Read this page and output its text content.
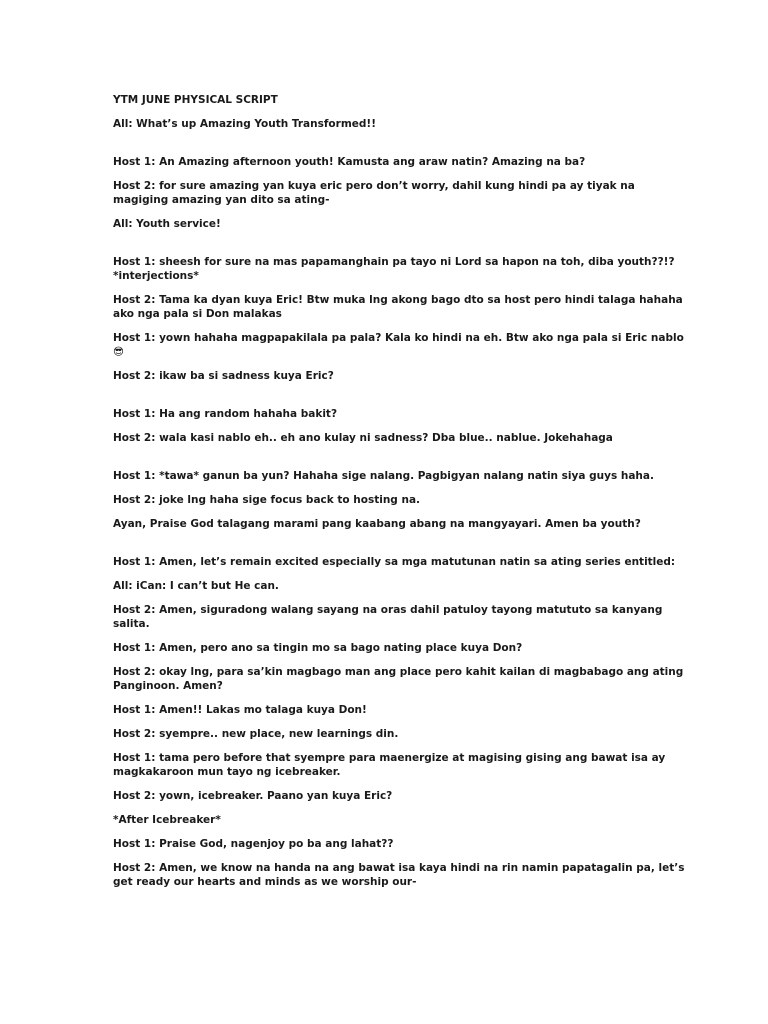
YTM JUNE PHYSICAL SCRIPT
All: What’s up Amazing Youth Transformed!!
Host 1: An Amazing afternoon youth! Kamusta ang araw natin? Amazing na ba?
Host 2: for sure amazing yan kuya eric pero don’t worry, dahil kung hindi pa ay tiyak na magiging amazing yan dito sa ating-
All: Youth service!
Host 1: sheesh for sure na mas papamanghain pa tayo ni Lord sa hapon na toh, diba youth??!? *interjections*
Host 2: Tama ka dyan kuya Eric! Btw muka lng akong bago dto sa host pero hindi talaga hahaha ako nga pala si Don malakas
Host 1: yown hahaha magpapakilala pa pala? Kala ko hindi na eh. Btw ako nga pala si Eric nablo😎
Host 2: ikaw ba si sadness kuya Eric?
Host 1: Ha ang random hahaha bakit?
Host 2: wala kasi nablo eh.. eh ano kulay ni sadness? Dba blue.. nablue. Jokehahaga
Host 1: *tawa* ganun ba yun? Hahaha sige nalang. Pagbigyan nalang natin siya guys haha.
Host 2: joke lng haha sige focus back to hosting na.
Ayan, Praise God talagang marami pang kaabang abang na mangyayari. Amen ba youth?
Host 1: Amen, let’s remain excited especially sa mga matutunan natin sa ating series entitled:
All: iCan: I can’t but He can.
Host 2: Amen, siguradong walang sayang na oras dahil patuloy tayong matututo sa kanyang salita.
Host 1: Amen, pero ano sa tingin mo sa bago nating place kuya Don?
Host 2: okay lng, para sa’kin magbago man ang place pero kahit kailan di magbabago ang ating Panginoon. Amen?
Host 1: Amen!! Lakas mo talaga kuya Don!
Host 2: syempre.. new place, new learnings din.
Host 1: tama pero before that syempre para maenergize at magising gising ang bawat isa ay magkakaroon mun tayo ng icebreaker.
Host 2: yown, icebreaker. Paano yan kuya Eric?
*After Icebreaker*
Host 1: Praise God, nagenjoy po ba ang lahat??
Host 2: Amen, we know na handa na ang bawat isa kaya hindi na rin namin papatagalin pa, let’s get ready our hearts and minds as we worship our-
